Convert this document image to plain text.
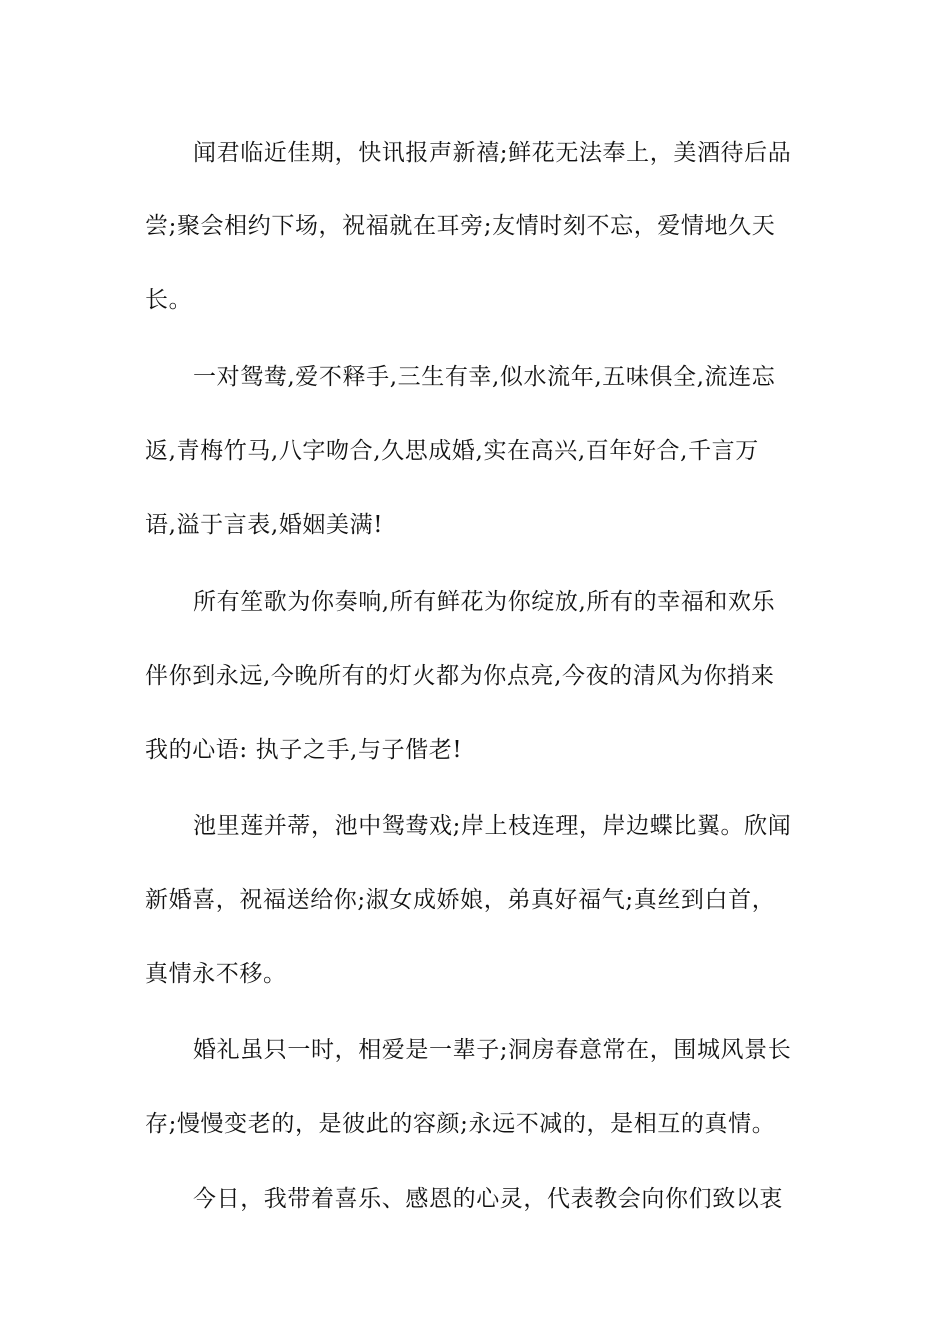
闻君临近佳期，快讯报声新禧;鲜花无法奉上，美酒待后品

尝;聚会相约下场，祝福就在耳旁;友情时刻不忘，爱情地久天

长。

一对鸳鸯,爱不释手,三生有幸,似水流年,五味俱全,流连忘

返,青梅竹马,八字吻合,久思成婚,实在高兴,百年好合,千言万

语,溢于言表,婚姻美满!

所有笙歌为你奏响,所有鲜花为你绽放,所有的幸福和欢乐

伴你到永远,今晚所有的灯火都为你点亮,今夜的清风为你捎来

我的心语: 执子之手,与子偕老!

池里莲并蒂，池中鸳鸯戏;岸上枝连理，岸边蝶比翼。欣闻

新婚喜，祝福送给你;淑女成娇娘，弟真好福气;真丝到白首，

真情永不移。

婚礼虽只一时，相爱是一辈子;洞房春意常在，围城风景长

存;慢慢变老的，是彼此的容颜;永远不减的，是相互的真情。

今日，我带着喜乐、感恩的心灵，代表教会向你们致以衷
